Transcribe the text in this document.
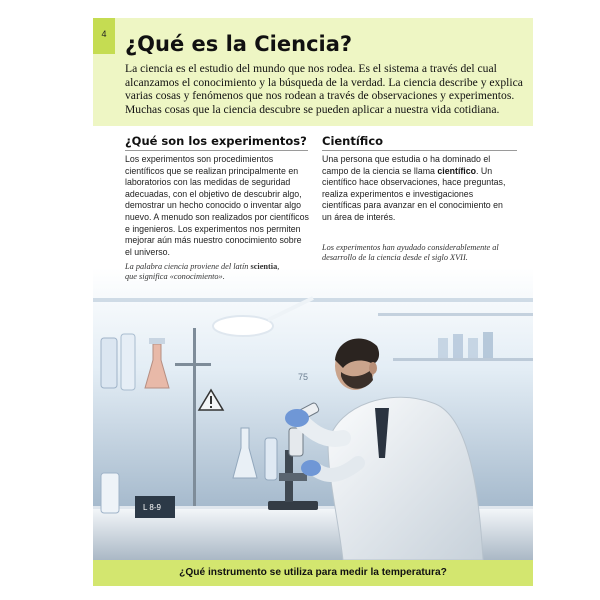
75
L 8-9
4 ¿Qué es la Ciencia?

La ciencia es el estudio del mundo que nos rodea. Es el sistema a través del cual alcanzamos el conocimiento y la búsqueda de la verdad. La ciencia describe y explica varias cosas y fenómenos que nos rodean a través de observaciones y experimentos. Muchas cosas que la ciencia descubre se pueden aplicar a nuestra vida cotidiana.

¿Qué son los experimentos?

Los experimentos son procedimientos científicos que se realizan principalmente en laboratorios con las medidas de seguridad adecuadas, con el objetivo de descubrir algo, demostrar un hecho conocido o inventar algo nuevo. A menudo son realizados por científicos e ingenieros. Los experimentos nos permiten mejorar aún más nuestro conocimiento sobre el universo.

Científico

Una persona que estudia o ha dominado el campo de la ciencia se llama científico. Un científico hace observaciones, hace preguntas, realiza experimentos e investigaciones científicas para avanzar en el conocimiento en un área de interés.

Los experimentos han ayudado considerablemente al desarrollo de la ciencia desde el siglo XVII.

La palabra ciencia proviene del latín scientia, que significa «conocimiento».

¿Qué instrumento se utiliza para medir la temperatura?
